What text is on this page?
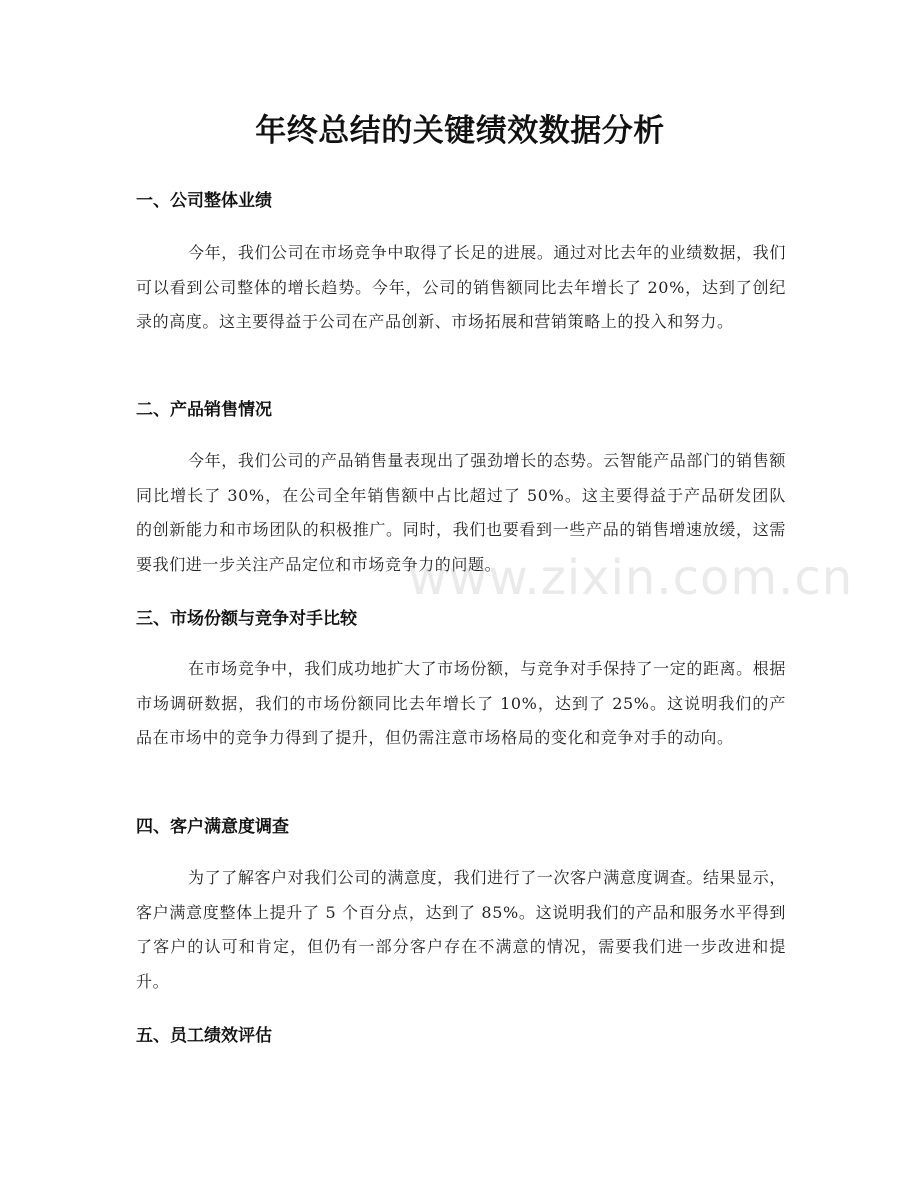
年终总结的关键绩效数据分析
一、公司整体业绩
今年，我们公司在市场竞争中取得了长足的进展。通过对比去年的业绩数据，我们可以看到公司整体的增长趋势。今年，公司的销售额同比去年增长了 20%，达到了创纪录的高度。这主要得益于公司在产品创新、市场拓展和营销策略上的投入和努力。
二、产品销售情况
今年，我们公司的产品销售量表现出了强劲增长的态势。云智能产品部门的销售额同比增长了 30%，在公司全年销售额中占比超过了 50%。这主要得益于产品研发团队的创新能力和市场团队的积极推广。同时，我们也要看到一些产品的销售增速放缓，这需要我们进一步关注产品定位和市场竞争力的问题。
三、市场份额与竞争对手比较
在市场竞争中，我们成功地扩大了市场份额，与竞争对手保持了一定的距离。根据市场调研数据，我们的市场份额同比去年增长了 10%，达到了 25%。这说明我们的产品在市场中的竞争力得到了提升，但仍需注意市场格局的变化和竞争对手的动向。
四、客户满意度调查
为了了解客户对我们公司的满意度，我们进行了一次客户满意度调查。结果显示，客户满意度整体上提升了 5 个百分点，达到了 85%。这说明我们的产品和服务水平得到了客户的认可和肯定，但仍有一部分客户存在不满意的情况，需要我们进一步改进和提升。
五、员工绩效评估
www.zixin.com.cn
